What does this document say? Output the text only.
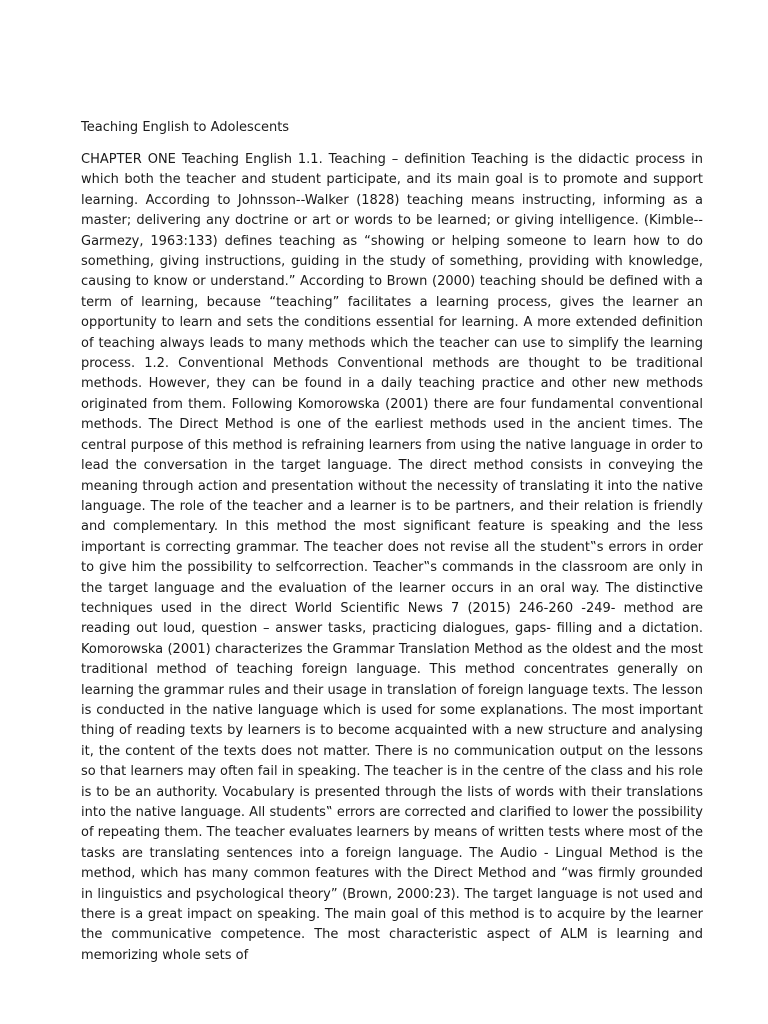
Teaching English to Adolescents

CHAPTER ONE Teaching English 1.1. Teaching – definition Teaching is the didactic process in which both the teacher and student participate, and its main goal is to promote and support learning. According to Johnsson--Walker (1828) teaching means instructing, informing as a master; delivering any doctrine or art or words to be learned; or giving intelligence. (Kimble--Garmezy, 1963:133) defines teaching as “showing or helping someone to learn how to do something, giving instructions, guiding in the study of something, providing with knowledge, causing to know or understand.” According to Brown (2000) teaching should be defined with a term of learning, because “teaching” facilitates a learning process, gives the learner an opportunity to learn and sets the conditions essential for learning. A more extended definition of teaching always leads to many methods which the teacher can use to simplify the learning process. 1.2. Conventional Methods Conventional methods are thought to be traditional methods. However, they can be found in a daily teaching practice and other new methods originated from them. Following Komorowska (2001) there are four fundamental conventional methods. The Direct Method is one of the earliest methods used in the ancient times. The central purpose of this method is refraining learners from using the native language in order to lead the conversation in the target language. The direct method consists in conveying the meaning through action and presentation without the necessity of translating it into the native language. The role of the teacher and a learner is to be partners, and their relation is friendly and complementary. In this method the most significant feature is speaking and the less important is correcting grammar. The teacher does not revise all the student‟s errors in order to give him the possibility to selfcorrection. Teacher‟s commands in the classroom are only in the target language and the evaluation of the learner occurs in an oral way. The distinctive techniques used in the direct World Scientific News 7 (2015) 246-260 -249- method are reading out loud, question – answer tasks, practicing dialogues, gaps- filling and a dictation. Komorowska (2001) characterizes the Grammar Translation Method as the oldest and the most traditional method of teaching foreign language. This method concentrates generally on learning the grammar rules and their usage in translation of foreign language texts. The lesson is conducted in the native language which is used for some explanations. The most important thing of reading texts by learners is to become acquainted with a new structure and analysing it, the content of the texts does not matter. There is no communication output on the lessons so that learners may often fail in speaking. The teacher is in the centre of the class and his role is to be an authority. Vocabulary is presented through the lists of words with their translations into the native language. All students‟ errors are corrected and clarified to lower the possibility of repeating them. The teacher evaluates learners by means of written tests where most of the tasks are translating sentences into a foreign language. The Audio - Lingual Method is the method, which has many common features with the Direct Method and “was firmly grounded in linguistics and psychological theory” (Brown, 2000:23). The target language is not used and there is a great impact on speaking. The main goal of this method is to acquire by the learner the communicative competence. The most characteristic aspect of ALM is learning and memorizing whole sets of
